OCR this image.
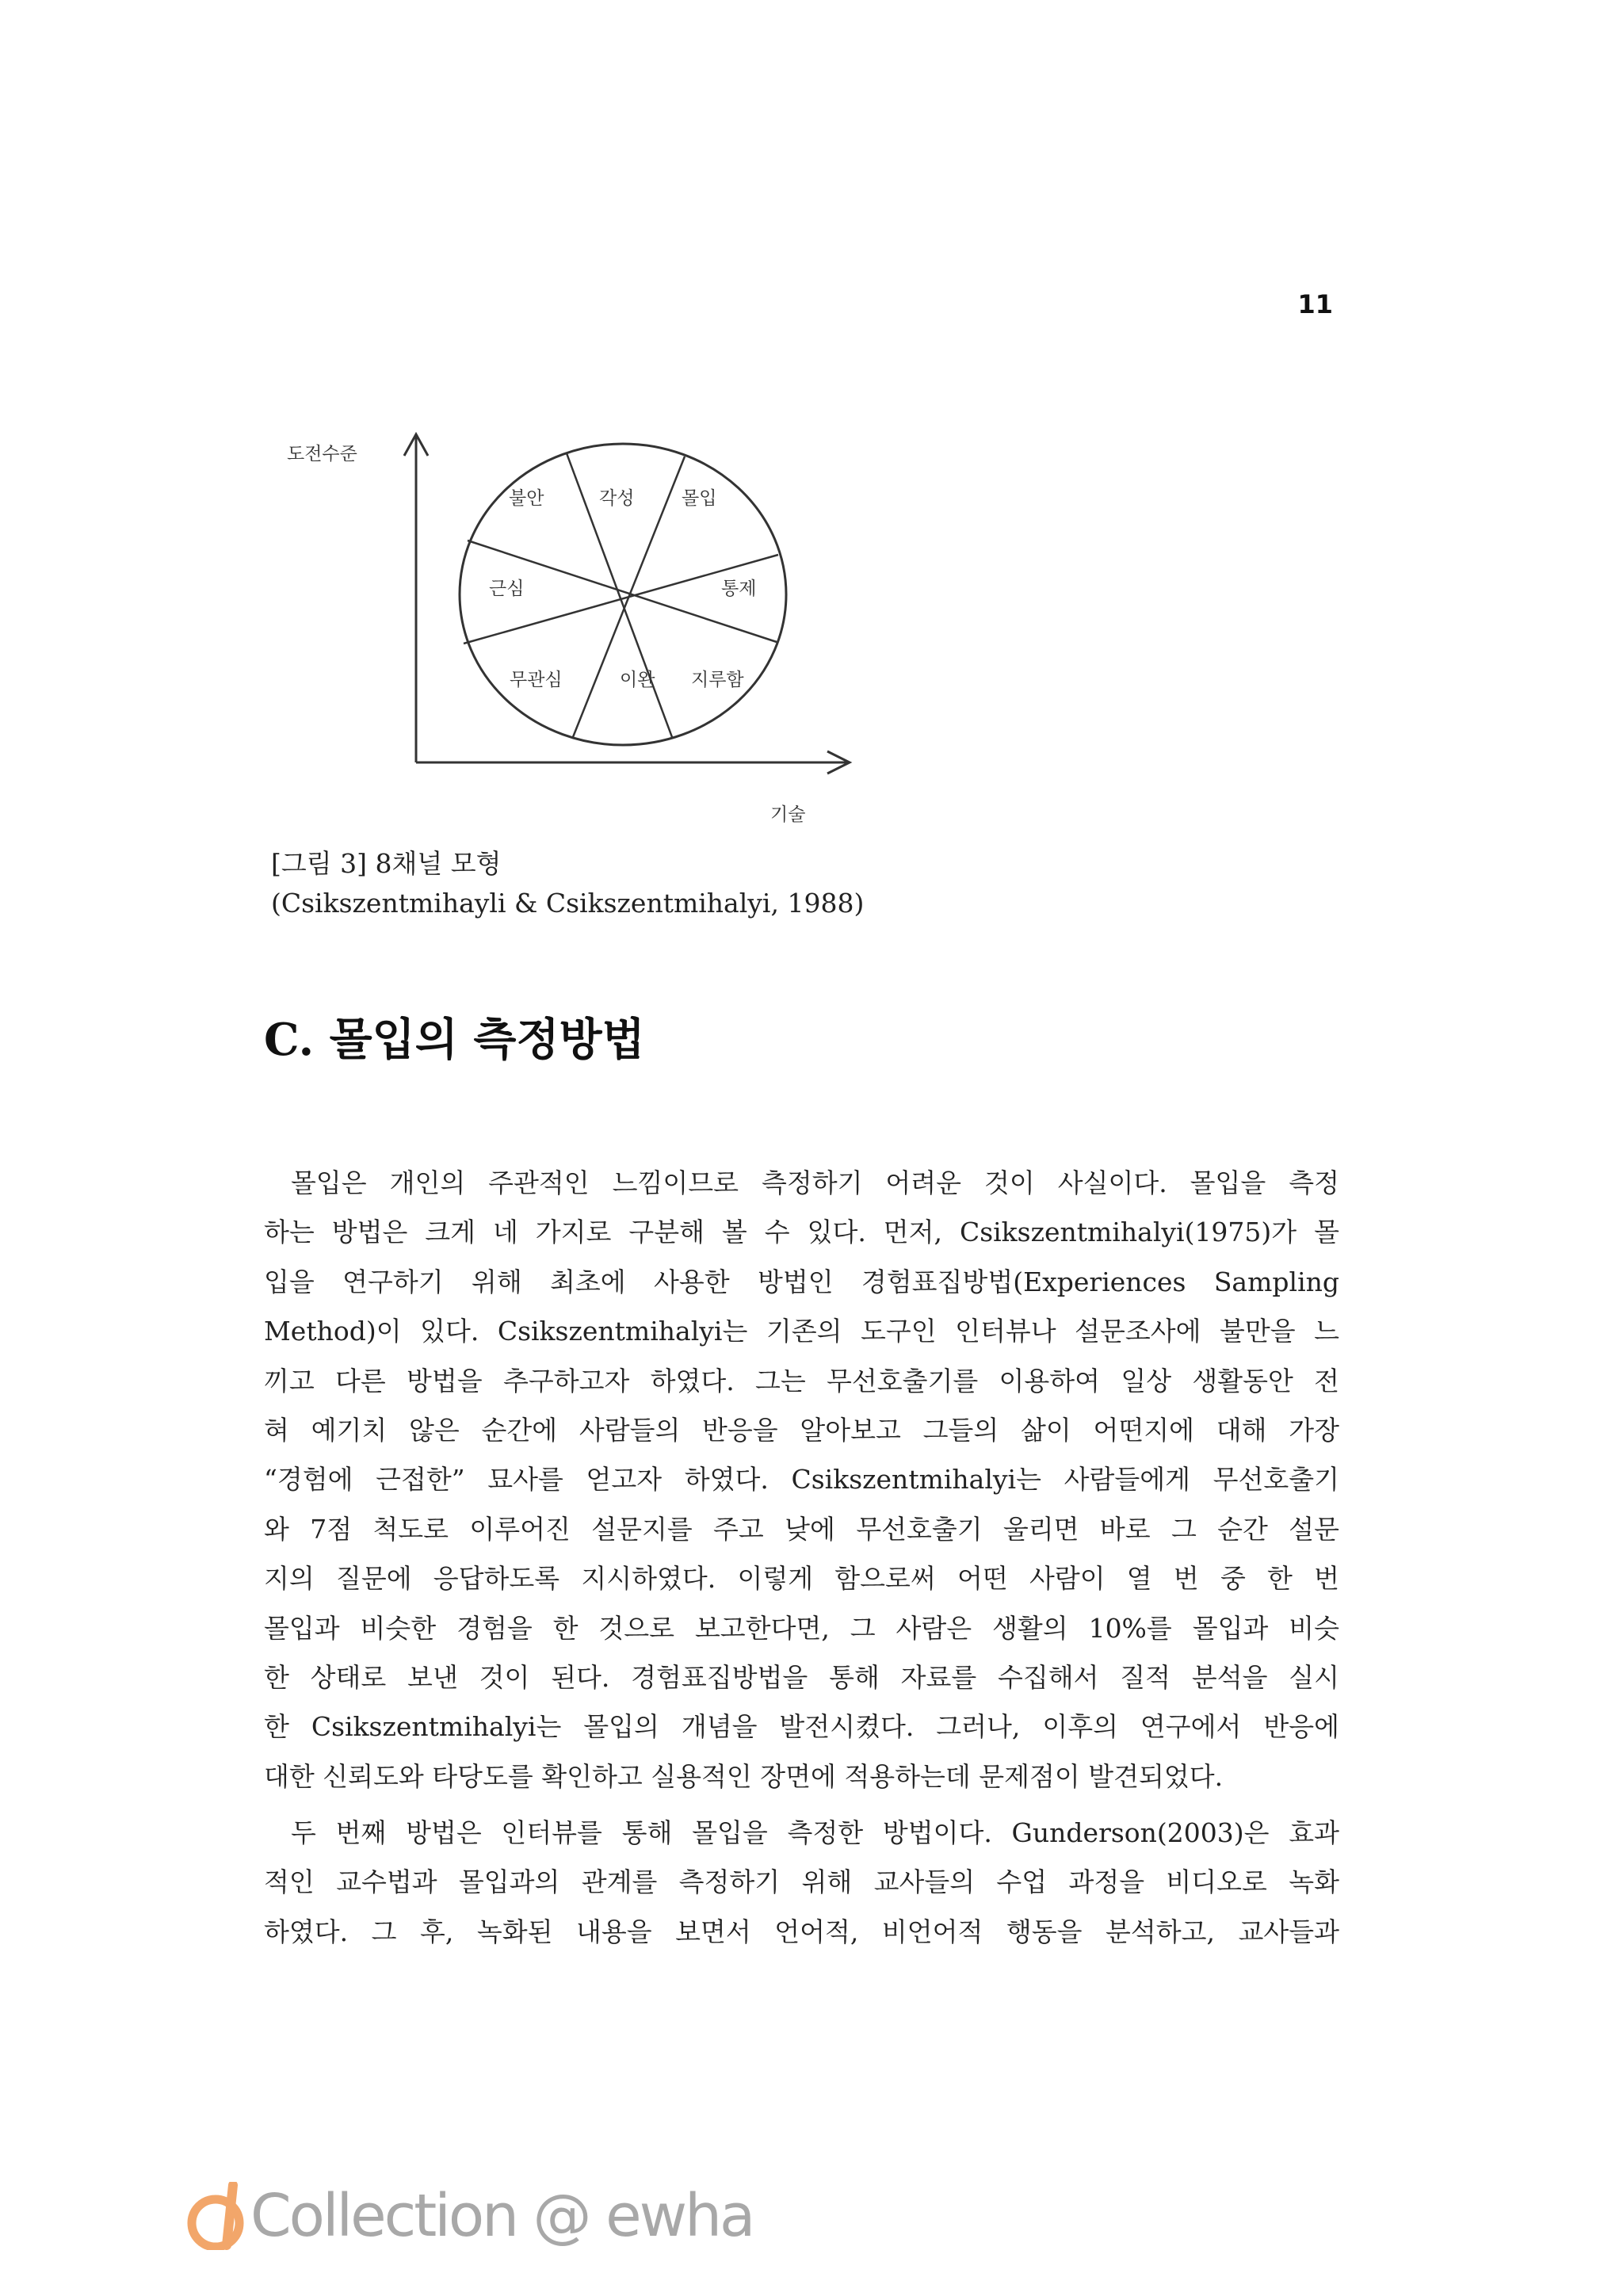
11
도전수준
기술
불안	각성	몰입
근심	통제
무관심	이완 지루함
[그림 3] 8채널 모형
(Csikszentmihayli & Csikszentmihalyi, 1988)
C. 몰입의 측정방법
몰입은 개인의 주관적인 느낌이므로 측정하기 어려운 것이 사실이다. 몰입을 측정
하는 방법은 크게 네 가지로 구분해 볼 수 있다. 먼저, Csikszentmihalyi(1975)가 몰
입을 연구하기 위해 최초에 사용한 방법인 경험표집방법(Experiences Sampling
Method)이 있다. Csikszentmihalyi는 기존의 도구인 인터뷰나 설문조사에 불만을 느
끼고 다른 방법을 추구하고자 하였다. 그는 무선호출기를 이용하여 일상 생활동안 전
혀 예기치 않은 순간에 사람들의 반응을 알아보고 그들의 삶이 어떤지에 대해 가장
“경험에 근접한” 묘사를 얻고자 하였다. Csikszentmihalyi는 사람들에게 무선호출기
와 7점 척도로 이루어진 설문지를 주고 낮에 무선호출기 울리면 바로 그 순간 설문
지의 질문에 응답하도록 지시하였다. 이렇게 함으로써 어떤 사람이 열 번 중 한 번
몰입과 비슷한 경험을 한 것으로 보고한다면, 그 사람은 생활의 10%를 몰입과 비슷
한 상태로 보낸 것이 된다. 경험표집방법을 통해 자료를 수집해서 질적 분석을 실시
한 Csikszentmihalyi는 몰입의 개념을 발전시켰다. 그러나, 이후의 연구에서 반응에
대한 신뢰도와 타당도를 확인하고 실용적인 장면에 적용하는데 문제점이 발견되었다.
두 번째 방법은 인터뷰를 통해 몰입을 측정한 방법이다. Gunderson(2003)은 효과
적인 교수법과 몰입과의 관계를 측정하기 위해 교사들의 수업 과정을 비디오로 녹화
하였다. 그 후, 녹화된 내용을 보면서 언어적, 비언어적 행동을 분석하고, 교사들과
Collection @ ewha
